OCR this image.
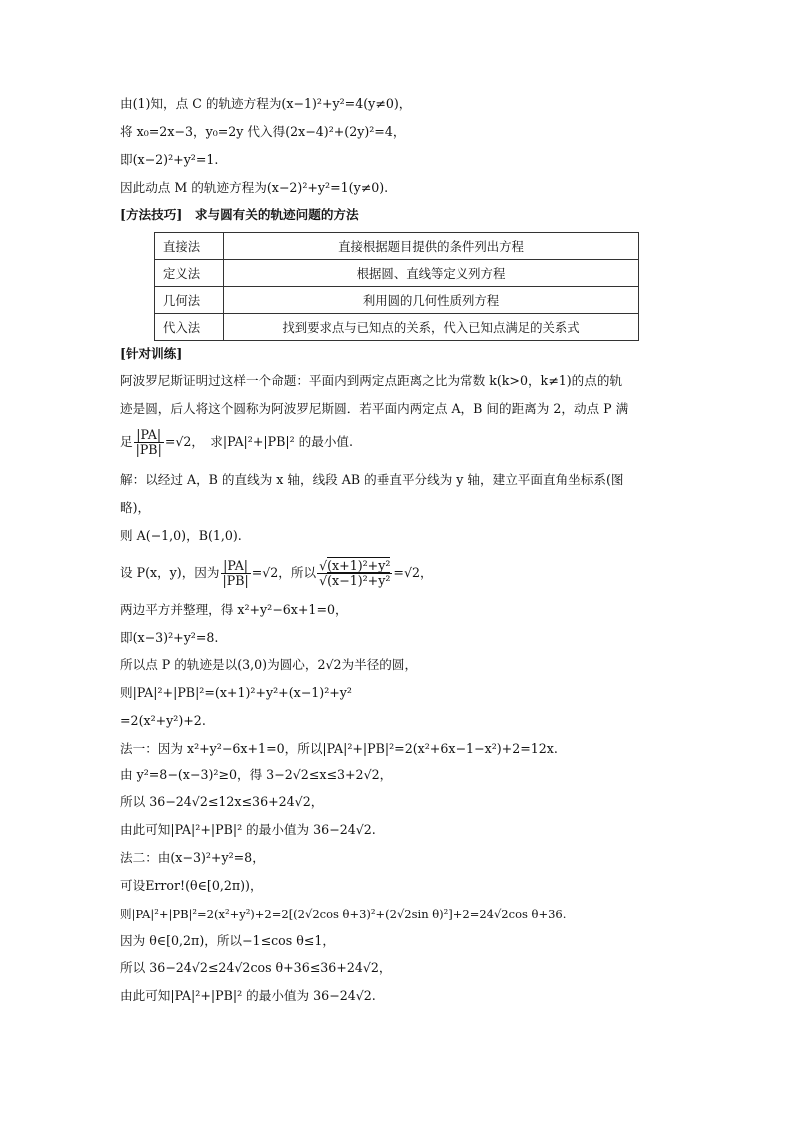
由(1)知，点 C 的轨迹方程为(x−1)²+y²=4(y≠0)，
将 x₀=2x−3，y₀=2y 代入得(2x−4)²+(2y)²=4，
即(x−2)²+y²=1.
因此动点 M 的轨迹方程为(x−2)²+y²=1(y≠0).
[方法技巧]　求与圆有关的轨迹问题的方法
直接法	直接根据题目提供的条件列出方程
定义法	根据圆、直线等定义列方程
几何法	利用圆的几何性质列方程
代入法	找到要求点与已知点的关系，代入已知点满足的关系式
[针对训练]
阿波罗尼斯证明过这样一个命题：平面内到两定点距离之比为常数 k(k>0，k≠1)的点的轨
迹是圆，后人将这个圆称为阿波罗尼斯圆．若平面内两定点 A，B 间的距离为 2，动点 P 满
足 $\frac{|PA|}{|PB|} =√2$，　 求|PA|²+|PB|² 的最小值.
解：以经过 A，B 的直线为 x 轴，线段 AB 的垂直平分线为 y 轴，建立平面直角坐标系(图
略)，
则 A(−1,0)，B(1,0).
设 P(x，y)，因为 $\frac{|PA|}{|PB|} =√2$，所以 $\frac{\text{√(x+1)²+y²}}{\text{√(x−1)²+y²}} =√2$，
两边平方并整理，得 x²+y²−6x+1=0，
即(x−3)²+y²=8.
所以点 P 的轨迹是以(3,0)为圆心，2√2为半径的圆，
则|PA|²+|PB|²=(x+1)²+y²+(x−1)²+y²
=2(x²+y²)+2.
法一：因为 x²+y²−6x+1=0，所以|PA|²+|PB|²=2(x²+6x−1−x²)+2=12x.
由 y²=8−(x−3)²≥0，得 3−2√2≤x≤3+2√2，
所以 36−24√2≤12x≤36+24√2，
由此可知|PA|²+|PB|² 的最小值为 36−24√2.
法二：由(x−3)²+y²=8，
可设Error!(θ∈[0,2π))，
则|PA|²+|PB|²=2(x²+y²)+2=2[(2√2cos θ+3)²+(2√2sin θ)²]+2=24√2cos θ+36.
因为 θ∈[0,2π)，所以−1≤cos θ≤1，
所以 36−24√2≤24√2cos θ+36≤36+24√2，
由此可知|PA|²+|PB|² 的最小值为 36−24√2.
